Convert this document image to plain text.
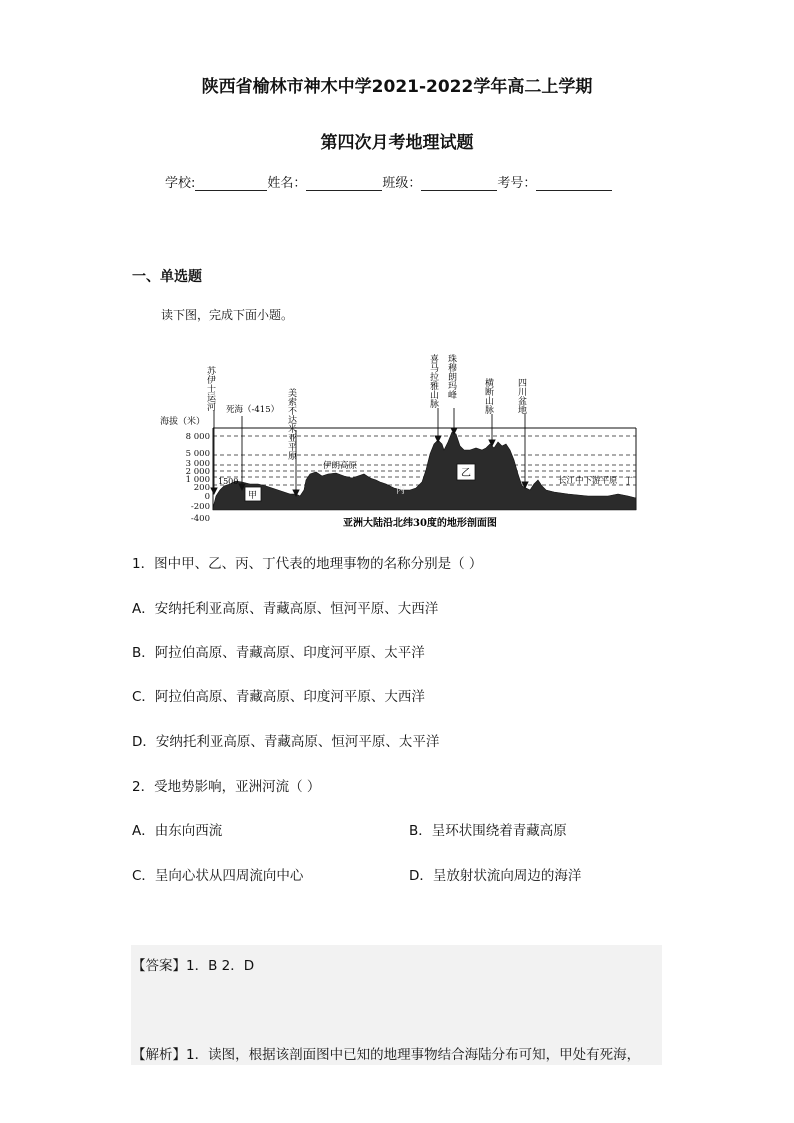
陕西省榆林市神木中学2021-2022学年高二上学期
第四次月考地理试题
学校:	姓名：	班级：	考号：
一、单选题
读下图，完成下面小题。
8 000
5 000
3 000
2 000
1 000
200
0
-200
-400
海拔（米）
甲
乙
丙
丁
1500
伊朗高原
长江中下游平原
苏伊士运河 死海（-415） 美索不达米亚平原
喜马拉雅山脉 珠穆朗玛峰	横断山脉	四川盆地
亚洲大陆沿北纬30度的地形剖面图
1．图中甲、乙、丙、丁代表的地理事物的名称分别是（ ）
A．安纳托利亚高原、青藏高原、恒河平原、大西洋
B．阿拉伯高原、青藏高原、印度河平原、太平洋
C．阿拉伯高原、青藏高原、印度河平原、大西洋
D．安纳托利亚高原、青藏高原、恒河平原、太平洋
2．受地势影响，亚洲河流（ ）
A．由东向西流	B．呈环状围绕着青藏高原
C．呈向心状从四周流向中心	D．呈放射状流向周边的海洋
【答案】1．B 2．D
【解析】1．读图，根据该剖面图中已知的地理事物结合海陆分布可知，甲处有死海，
